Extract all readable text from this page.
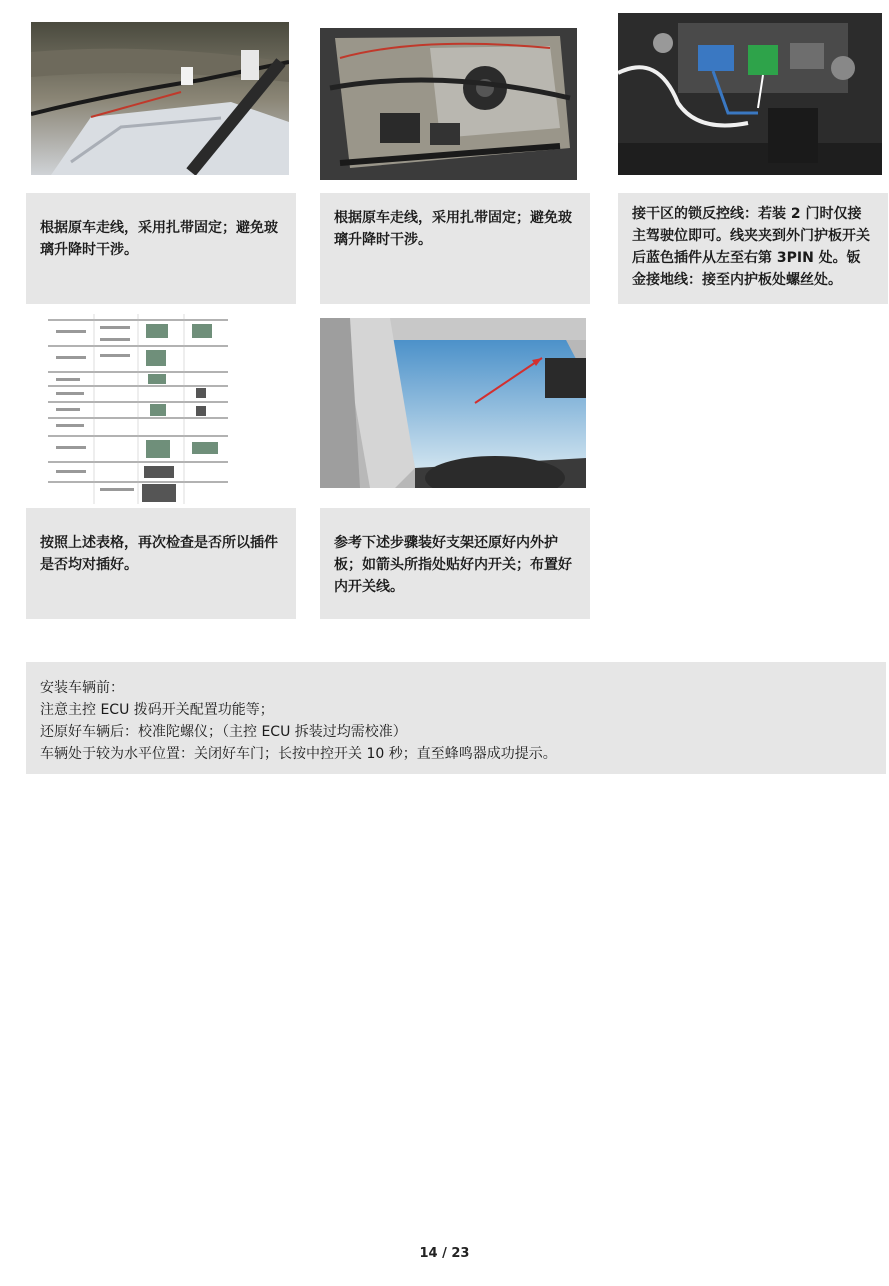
根据原车走线，采用扎带固定；避免玻璃升降时干涉。
根据原车走线，采用扎带固定；避免玻璃升降时干涉。
接干区的锁反控线：若装 2 门时仅接主驾驶位即可。线夹夹到外门护板开关后蓝色插件从左至右第 3PIN 处。钣金接地线：接至内护板处螺丝处。
按照上述表格，再次检查是否所以插件是否均对插好。
参考下述步骤装好支架还原好内外护板；如箭头所指处贴好内开关；布置好内开关线。
安装车辆前：
注意主控 ECU 拨码开关配置功能等；
还原好车辆后：校准陀螺仪；（主控 ECU 拆装过均需校准）
车辆处于较为水平位置：关闭好车门；长按中控开关 10 秒；直至蜂鸣器成功提示。
14 / 23
